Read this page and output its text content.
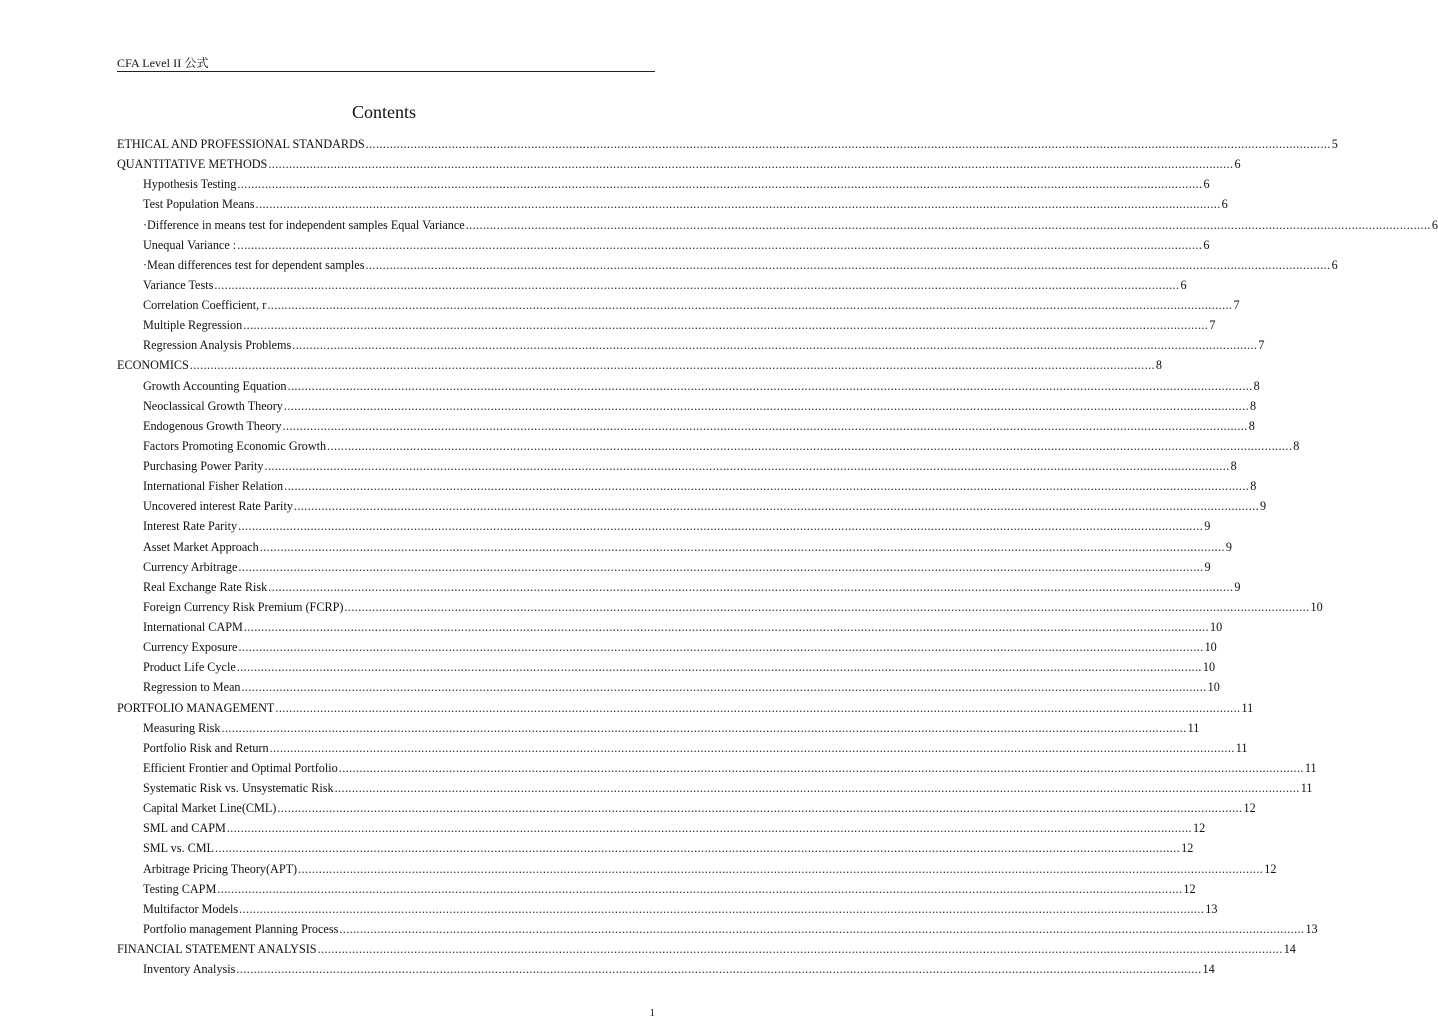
CFA Level II 公式
Contents
ETHICAL AND PROFESSIONAL STANDARDS ........................................................................................................................................................................................................................................................................................ 5
QUANTITATIVE METHODS ........................................................................................................................................................................................................................................................................................ 6
Hypothesis Testing ........................................................................................................................................................................................................................................................................................ 6
Test Population Means ........................................................................................................................................................................................................................................................................................ 6
·Difference in means test for independent samples Equal Variance ........................................................................................................................................................................................................................................................................................ 6
Unequal Variance : ........................................................................................................................................................................................................................................................................................ 6
·Mean differences test for dependent samples ........................................................................................................................................................................................................................................................................................ 6
Variance Tests ........................................................................................................................................................................................................................................................................................ 6
Correlation Coefficient, r ........................................................................................................................................................................................................................................................................................ 7
Multiple Regression ........................................................................................................................................................................................................................................................................................ 7
Regression Analysis Problems ........................................................................................................................................................................................................................................................................................ 7
ECONOMICS ........................................................................................................................................................................................................................................................................................ 8
Growth Accounting Equation ........................................................................................................................................................................................................................................................................................ 8
Neoclassical Growth Theory ........................................................................................................................................................................................................................................................................................ 8
Endogenous Growth Theory ........................................................................................................................................................................................................................................................................................ 8
Factors Promoting Economic Growth ........................................................................................................................................................................................................................................................................................ 8
Purchasing Power Parity ........................................................................................................................................................................................................................................................................................ 8
International Fisher Relation ........................................................................................................................................................................................................................................................................................ 8
Uncovered interest Rate Parity ........................................................................................................................................................................................................................................................................................ 9
Interest Rate Parity ........................................................................................................................................................................................................................................................................................ 9
Asset Market Approach ........................................................................................................................................................................................................................................................................................ 9
Currency Arbitrage ........................................................................................................................................................................................................................................................................................ 9
Real Exchange Rate Risk ........................................................................................................................................................................................................................................................................................ 9
Foreign Currency Risk Premium (FCRP) ........................................................................................................................................................................................................................................................................................ 10
International CAPM ........................................................................................................................................................................................................................................................................................ 10
Currency Exposure ........................................................................................................................................................................................................................................................................................ 10
Product Life Cycle ........................................................................................................................................................................................................................................................................................ 10
Regression to Mean ........................................................................................................................................................................................................................................................................................ 10
PORTFOLIO MANAGEMENT ........................................................................................................................................................................................................................................................................................ 11
Measuring Risk ........................................................................................................................................................................................................................................................................................ 11
Portfolio Risk and Return ........................................................................................................................................................................................................................................................................................ 11
Efficient Frontier and Optimal Portfolio ........................................................................................................................................................................................................................................................................................ 11
Systematic Risk vs. Unsystematic Risk ........................................................................................................................................................................................................................................................................................ 11
Capital Market Line(CML) ........................................................................................................................................................................................................................................................................................ 12
SML and CAPM ........................................................................................................................................................................................................................................................................................ 12
SML vs. CML ........................................................................................................................................................................................................................................................................................ 12
Arbitrage Pricing Theory(APT) ........................................................................................................................................................................................................................................................................................ 12
Testing CAPM ........................................................................................................................................................................................................................................................................................ 12
Multifactor Models ........................................................................................................................................................................................................................................................................................ 13
Portfolio management Planning Process ........................................................................................................................................................................................................................................................................................ 13
FINANCIAL STATEMENT ANALYSIS ........................................................................................................................................................................................................................................................................................ 14
Inventory Analysis ........................................................................................................................................................................................................................................................................................ 14
1
